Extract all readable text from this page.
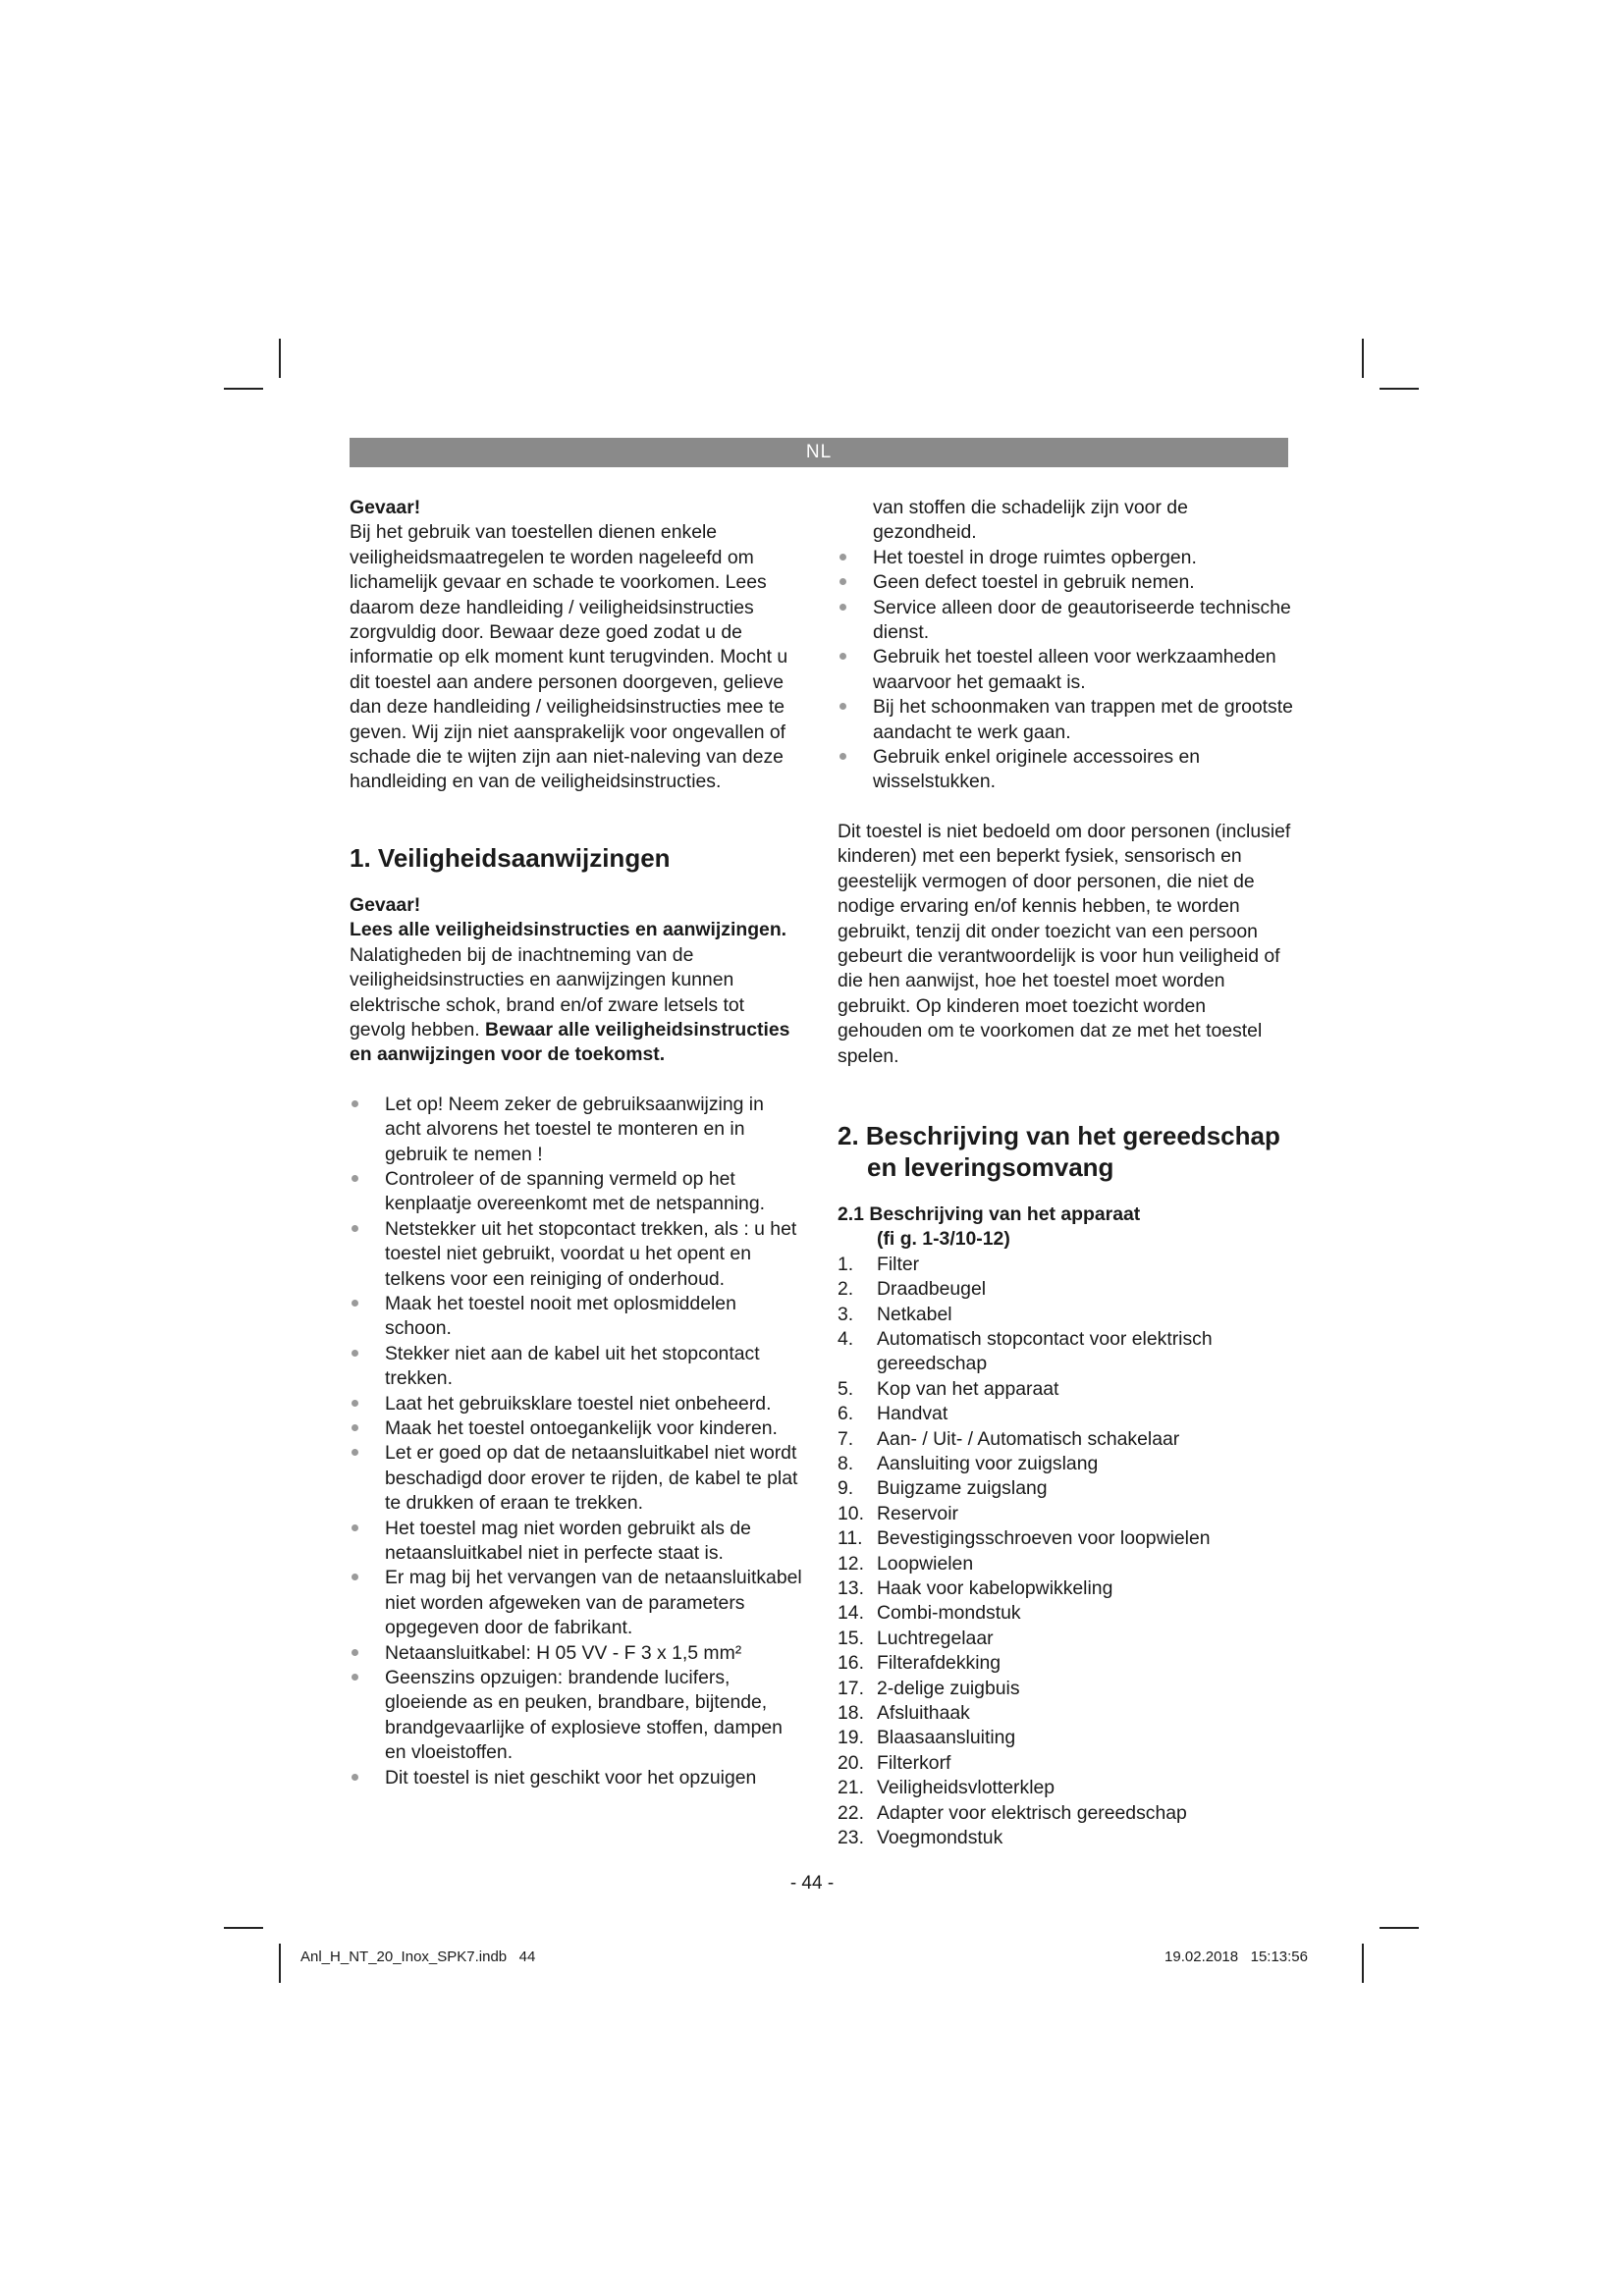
NL

Gevaar!

Bij het gebruik van toestellen dienen enkele veiligheidsmaatregelen te worden nageleefd om lichamelijk gevaar en schade te voorkomen. Lees daarom deze handleiding / veiligheidsinstructies zorgvuldig door. Bewaar deze goed zodat u de informatie op elk moment kunt terugvinden. Mocht u dit toestel aan andere personen doorgeven, gelieve dan deze handleiding / veiligheidsinstructies mee te geven. Wij zijn niet aansprakelijk voor ongevallen of schade die te wijten zijn aan niet-naleving van deze handleiding en van de veiligheidsinstructies.

1. Veiligheidsaanwijzingen

Gevaar!

Lees alle veiligheidsinstructies en aanwijzingen. Nalatigheden bij de inachtneming van de veiligheidsinstructies en aanwijzingen kunnen elektrische schok, brand en/of zware letsels tot gevolg hebben. Bewaar alle veiligheidsinstructies en aanwijzingen voor de toekomst.

Let op! Neem zeker de gebruiksaanwijzing in acht alvorens het toestel te monteren en in gebruik te nemen !
Controleer of de spanning vermeld op het kenplaatje overeenkomt met de netspanning.
Netstekker uit het stopcontact trekken, als : u het toestel niet gebruikt, voordat u het opent en telkens voor een reiniging of onderhoud.
Maak het toestel nooit met oplosmiddelen schoon.
Stekker niet aan de kabel uit het stopcontact trekken.
Laat het gebruiksklare toestel niet onbeheerd.
Maak het toestel ontoegankelijk voor kinderen.
Let er goed op dat de netaansluitkabel niet wordt beschadigd door erover te rijden, de kabel te plat te drukken of eraan te trekken.
Het toestel mag niet worden gebruikt als de netaansluitkabel niet in perfecte staat is.
Er mag bij het vervangen van de netaansluitkabel niet worden afgeweken van de parameters opgegeven door de fabrikant.
Netaansluitkabel: H 05 VV - F 3 x 1,5 mm²
Geenszins opzuigen: brandende lucifers, gloeiende as en peuken, brandbare, bijtende, brandgevaarlijke of explosieve stoffen, dampen en vloeistoffen.
Dit toestel is niet geschikt voor het opzuigen

van stoffen die schadelijk zijn voor de gezondheid.

Het toestel in droge ruimtes opbergen.
Geen defect toestel in gebruik nemen.
Service alleen door de geautoriseerde technische dienst.
Gebruik het toestel alleen voor werkzaamheden waarvoor het gemaakt is.
Bij het schoonmaken van trappen met de grootste aandacht te werk gaan.
Gebruik enkel originele accessoires en wisselstukken.

Dit toestel is niet bedoeld om door personen (inclusief kinderen) met een beperkt fysiek, sensorisch en geestelijk vermogen of door personen, die niet de nodige ervaring en/of kennis hebben, te worden gebruikt, tenzij dit onder toezicht van een persoon gebeurt die verantwoordelijk is voor hun veiligheid of die hen aanwijst, hoe het toestel moet worden gebruikt. Op kinderen moet toezicht worden gehouden om te voorkomen dat ze met het toestel spelen.

2. Beschrijving van het gereedschap
en leveringsomvang
2.1 Beschrijving van het apparaat
(fi g. 1-3/10-12)
1. Filter
2. Draadbeugel
3. Netkabel
4. Automatisch stopcontact voor elektrisch gereedschap
5. Kop van het apparaat
6. Handvat
7. Aan- / Uit- / Automatisch schakelaar
8. Aansluiting voor zuigslang
9. Buigzame zuigslang
10. Reservoir
11. Bevestigingsschroeven voor loopwielen
12. Loopwielen
13. Haak voor kabelopwikkeling
14. Combi-mondstuk
15. Luchtregelaar
16. Filterafdekking
17. 2-delige zuigbuis
18. Afsluithaak
19. Blaasaansluiting
20. Filterkorf
21. Veiligheidsvlotterklep
22. Adapter voor elektrisch gereedschap
23. Voegmondstuk
- 44 -
Anl_H_NT_20_Inox_SPK7.indb   44	19.02.2018   15:13:56
